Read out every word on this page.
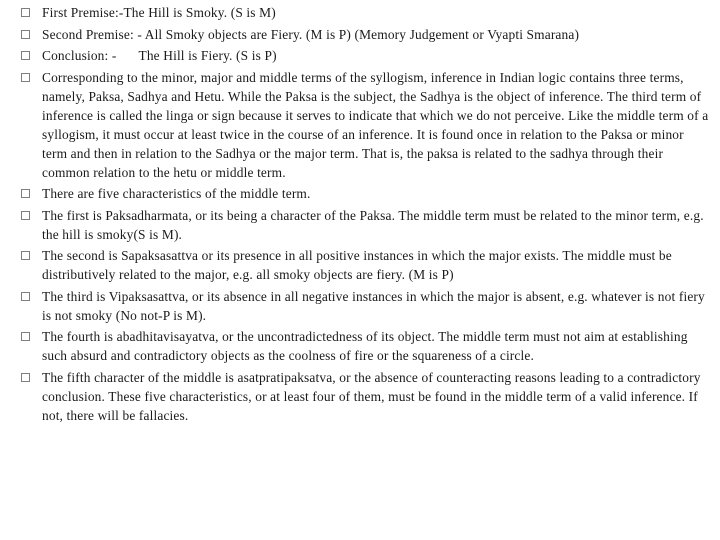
First Premise:-The Hill is Smoky. (S is M)
Second Premise: - All Smoky objects are Fiery. (M is P) (Memory Judgement or Vyapti Smarana)
Conclusion: - The Hill is Fiery. (S is P)
Corresponding to the minor, major and middle terms of the syllogism, inference in Indian logic contains three terms, namely, Paksa, Sadhya and Hetu. While the Paksa is the subject, the Sadhya is the object of inference. The third term of inference is called the linga or sign because it serves to indicate that which we do not perceive. Like the middle term of a syllogism, it must occur at least twice in the course of an inference. It is found once in relation to the Paksa or minor term and then in relation to the Sadhya or the major term. That is, the paksa is related to the sadhya through their common relation to the hetu or middle term.
There are five characteristics of the middle term.
The first is Paksadharmata, or its being a character of the Paksa. The middle term must be related to the minor term, e.g. the hill is smoky(S is M).
The second is Sapaksasattva or its presence in all positive instances in which the major exists. The middle must be distributively related to the major, e.g. all smoky objects are fiery. (M is P)
The third is Vipaksasattva, or its absence in all negative instances in which the major is absent, e.g. whatever is not fiery is not smoky (No not-P is M).
The fourth is abadhitavisayatva, or the uncontradictedness of its object. The middle term must not aim at establishing such absurd and contradictory objects as the coolness of fire or the squareness of a circle.
The fifth character of the middle is asatpratipaksatva, or the absence of counteracting reasons leading to a contradictory conclusion. These five characteristics, or at least four of them, must be found in the middle term of a valid inference. If not, there will be fallacies.
